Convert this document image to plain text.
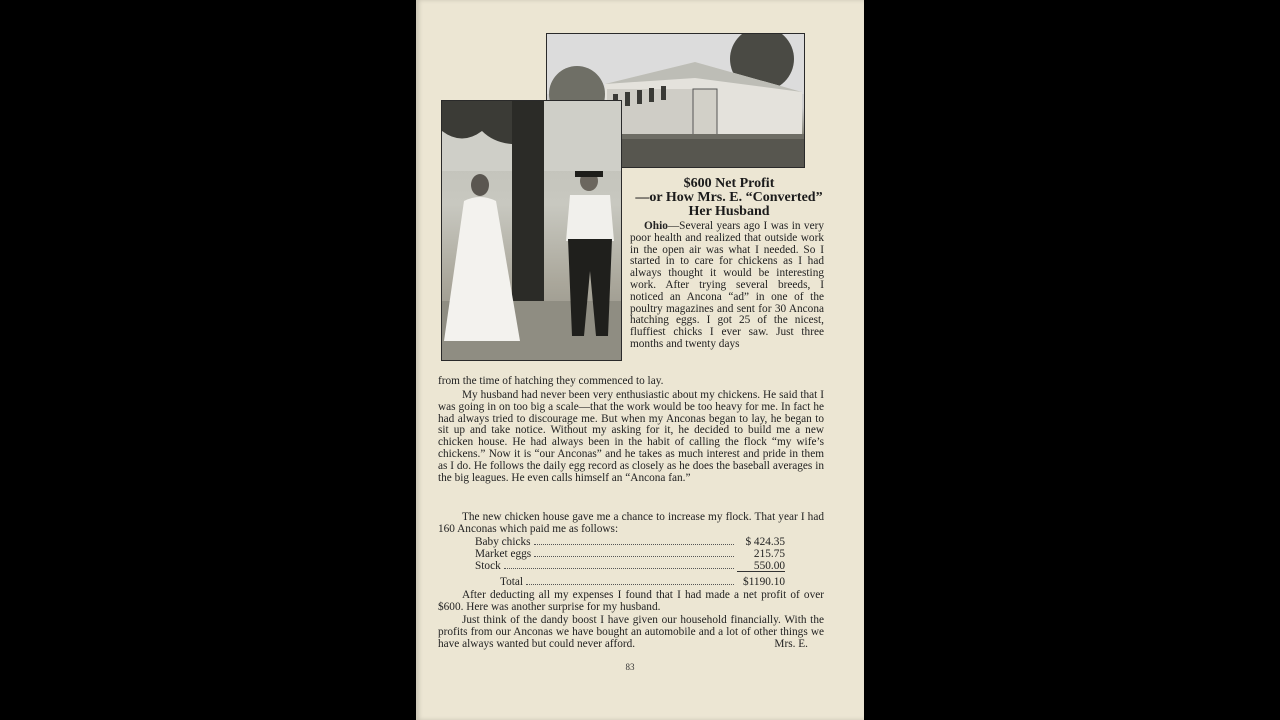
$600 Net Profit
—or How Mrs. E. “Converted”
Her Husband
Ohio—Several years ago I was in very poor health and realized that outside work in the open air was what I needed. So I started in to care for chickens as I had always thought it would be interesting work. After trying several breeds, I noticed an Ancona “ad” in one of the poultry magazines and sent for 30 Ancona hatching eggs. I got 25 of the nicest, fluffiest chicks I ever saw. Just three months and twenty days
from the time of hatching they commenced to lay.
My husband had never been very enthusiastic about my chickens. He said that I was going in on too big a scale—that the work would be too heavy for me. In fact he had always tried to discourage me. But when my Anconas began to lay, he began to sit up and take notice. Without my asking for it, he decided to build me a new chicken house. He had always been in the habit of calling the flock “my wife’s chickens.” Now it is “our Anconas” and he takes as much interest and pride in them as I do. He follows the daily egg record as closely as he does the baseball averages in the big leagues. He even calls himself an “Ancona fan.”
The new chicken house gave me a chance to increase my flock. That year I had 160 Anconas which paid me as follows:
Baby chicks	$ 424.35
Market eggs	215.75
Stock	550.00
Total	$1190.10
After deducting all my expenses I found that I had made a net profit of over $600. Here was another surprise for my husband.
Just think of the dandy boost I have given our household financially. With the profits from our Anconas we have bought an automobile and a lot of other things we have always wanted but could never afford.	Mrs. E.
83
